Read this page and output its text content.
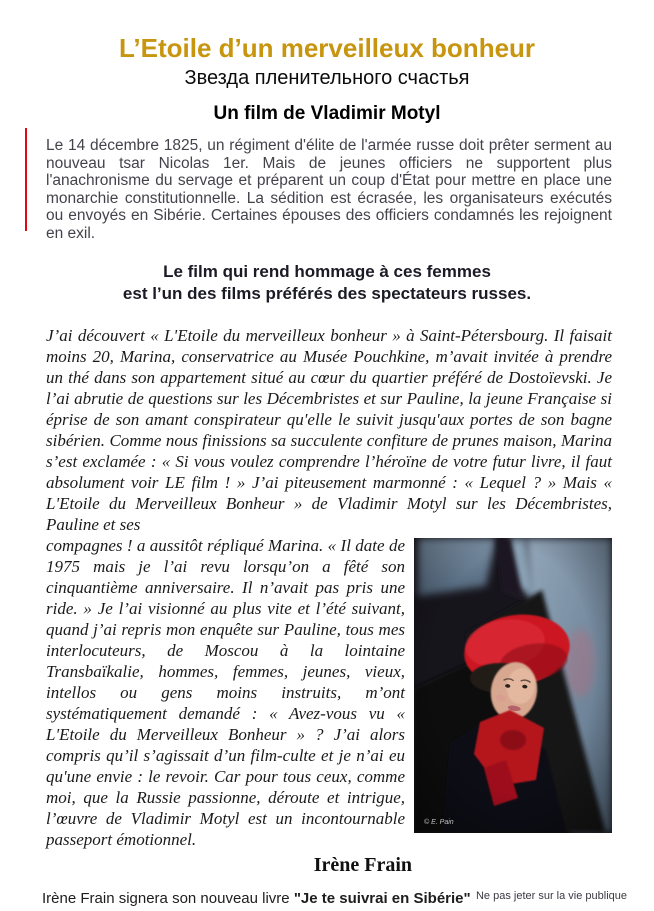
L’Etoile d’un merveilleux bonheur
Звезда пленительного счастья
Un film de Vladimir Motyl

Le 14 décembre 1825, un régiment d'élite de l'armée russe doit prêter serment au nouveau tsar Nicolas 1er. Mais de jeunes officiers ne supportent plus l'anachronisme du servage et préparent un coup d'État pour mettre en place une monarchie constitutionnelle. La sédition est écrasée, les organisateurs exécutés ou envoyés en Sibérie. Certaines épouses des officiers condamnés les rejoignent en exil.

Le film qui rend hommage à ces femmes
est l’un des films préférés des spectateurs russes.
J’ai découvert « L'Etoile du merveilleux bonheur » à Saint-Pétersbourg. Il faisait moins 20, Marina, conservatrice au Musée Pouchkine, m’avait invitée à prendre un thé dans son appartement situé au cœur du quartier préféré de Dostoïevski. Je l’ai abrutie de questions sur les Décembristes et sur Pauline, la jeune Française si éprise de son amant conspirateur qu'elle le suivit jusqu'aux portes de son bagne sibérien. Comme nous finissions sa succulente confiture de prunes maison, Marina s’est exclamée : « Si vous voulez comprendre l’héroïne de votre futur livre, il faut absolument voir LE film ! » J’ai piteusement marmonné : « Lequel ? » Mais « L'Etoile du Merveilleux Bonheur » de Vladimir Motyl sur les Décembristes, Pauline et ses
© E. Pain
compagnes ! a aussitôt répliqué Marina. « Il date de 1975 mais je l’ai revu lorsqu’on a fêté son cinquantième anniversaire. Il n’avait pas pris une ride. » Je l’ai visionné au plus vite et l’été suivant, quand j’ai repris mon enquête sur Pauline, tous mes interlocuteurs, de Moscou à la lointaine Transbaïkalie, hommes, femmes, jeunes, vieux, intellos ou gens moins instruits, m’ont systématiquement demandé : « Avez-vous vu « L'Etoile du Merveilleux Bonheur » ? J’ai alors compris qu’il s’agissait d’un film-culte et je n’ai eu qu'une envie : le revoir. Car pour tous ceux, comme moi, que la Russie passionne, déroute et intrigue, l’œuvre de Vladimir Motyl est un incontournable passeport émotionnel.
Irène Frain
Irène Frain signera son nouveau livre "Je te suivrai en Sibérie" Ne pas jeter sur la vie publique
